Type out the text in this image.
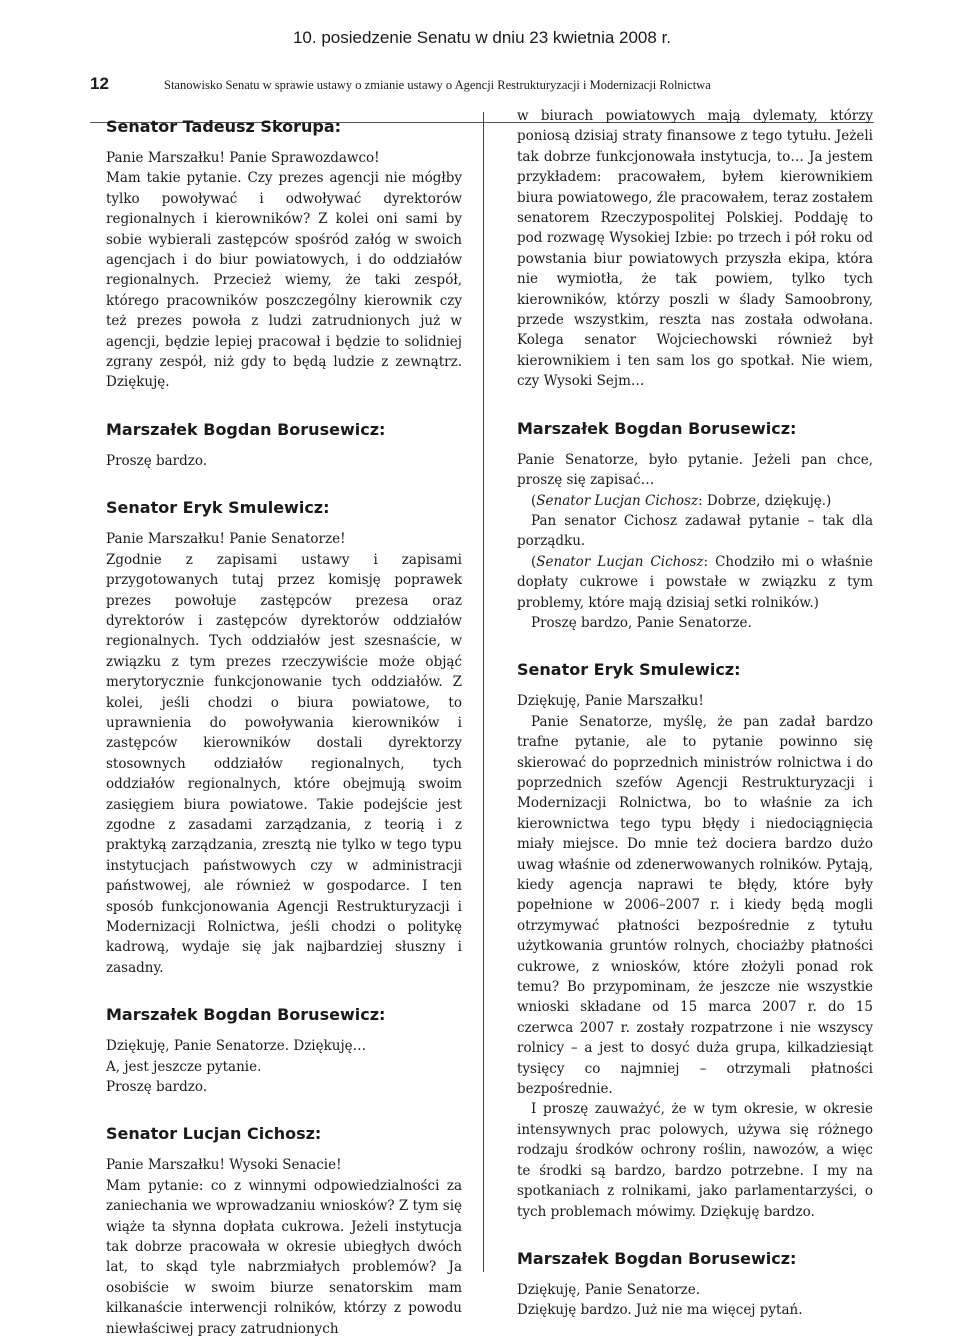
10. posiedzenie Senatu w dniu 23 kwietnia 2008 r.
12	Stanowisko Senatu w sprawie ustawy o zmianie ustawy o Agencji Restrukturyzacji i Modernizacji Rolnictwa
Senator Tadeusz Skorupa:

Panie Marszałku! Panie Sprawozdawco!

Mam takie pytanie. Czy prezes agencji nie mógłby tylko powoływać i odwoływać dyrektorów regionalnych i kierowników? Z kolei oni sami by sobie wybierali zastępców spośród załóg w swoich agencjach i do biur powiatowych, i do oddziałów regionalnych. Przecież wiemy, że taki zespół, którego pracowników poszczególny kierownik czy też prezes powoła z ludzi zatrudnionych już w agencji, będzie lepiej pracował i będzie to solidniej zgrany zespół, niż gdy to będą ludzie z zewnątrz. Dziękuję.

Marszałek Bogdan Borusewicz:

Proszę bardzo.

Senator Eryk Smulewicz:

Panie Marszałku! Panie Senatorze!

Zgodnie z zapisami ustawy i zapisami przygotowanych tutaj przez komisję poprawek prezes powołuje zastępców prezesa oraz dyrektorów i zastępców dyrektorów oddziałów regionalnych. Tych oddziałów jest szesnaście, w związku z tym prezes rzeczywiście może objąć merytorycznie funkcjonowanie tych oddziałów. Z kolei, jeśli chodzi o biura powiatowe, to uprawnienia do powoływania kierowników i zastępców kierowników dostali dyrektorzy stosownych oddziałów regionalnych, tych oddziałów regionalnych, które obejmują swoim zasięgiem biura powiatowe. Takie podejście jest zgodne z zasadami zarządzania, z teorią i z praktyką zarządzania, zresztą nie tylko w tego typu instytucjach państwowych czy w administracji państwowej, ale również w gospodarce. I ten sposób funkcjonowania Agencji Restrukturyzacji i Modernizacji Rolnictwa, jeśli chodzi o politykę kadrową, wydaje się jak najbardziej słuszny i zasadny.

Marszałek Bogdan Borusewicz:

Dziękuję, Panie Senatorze. Dziękuję…

A, jest jeszcze pytanie.

Proszę bardzo.

Senator Lucjan Cichosz:

Panie Marszałku! Wysoki Senacie!

Mam pytanie: co z winnymi odpowiedzialności za zaniechania we wprowadzaniu wniosków? Z tym się wiąże ta słynna dopłata cukrowa. Jeżeli instytucja tak dobrze pracowała w okresie ubiegłych dwóch lat, to skąd tyle nabrzmiałych problemów? Ja osobiście w swoim biurze senatorskim mam kilkanaście interwencji rolników, którzy z powodu niewłaściwej pracy zatrudnionych

w biurach powiatowych mają dylematy, którzy poniosą dzisiaj straty finansowe z tego tytułu. Jeżeli tak dobrze funkcjonowała instytucja, to… Ja jestem przykładem: pracowałem, byłem kierownikiem biura powiatowego, źle pracowałem, teraz zostałem senatorem Rzeczypospolitej Polskiej. Poddaję to pod rozwagę Wysokiej Izbie: po trzech i pół roku od powstania biur powiatowych przyszła ekipa, która nie wymiotła, że tak powiem, tylko tych kierowników, którzy poszli w ślady Samoobrony, przede wszystkim, reszta nas została odwołana. Kolega senator Wojciechowski również był kierownikiem i ten sam los go spotkał. Nie wiem, czy Wysoki Sejm…

Marszałek Bogdan Borusewicz:

Panie Senatorze, było pytanie. Jeżeli pan chce, proszę się zapisać…

(Senator Lucjan Cichosz: Dobrze, dziękuję.)

Pan senator Cichosz zadawał pytanie – tak dla porządku.

(Senator Lucjan Cichosz: Chodziło mi o właśnie dopłaty cukrowe i powstałe w związku z tym problemy, które mają dzisiaj setki rolników.)

Proszę bardzo, Panie Senatorze.

Senator Eryk Smulewicz:

Dziękuję, Panie Marszałku!

Panie Senatorze, myślę, że pan zadał bardzo trafne pytanie, ale to pytanie powinno się skierować do poprzednich ministrów rolnictwa i do poprzednich szefów Agencji Restrukturyzacji i Modernizacji Rolnictwa, bo to właśnie za ich kierownictwa tego typu błędy i niedociągnięcia miały miejsce. Do mnie też dociera bardzo dużo uwag właśnie od zdenerwowanych rolników. Pytają, kiedy agencja naprawi te błędy, które były popełnione w 2006–2007 r. i kiedy będą mogli otrzymywać płatności bezpośrednie z tytułu użytkowania gruntów rolnych, chociażby płatności cukrowe, z wniosków, które złożyli ponad rok temu? Bo przypominam, że jeszcze nie wszystkie wnioski składane od 15 marca 2007 r. do 15 czerwca 2007 r. zostały rozpatrzone i nie wszyscy rolnicy – a jest to dosyć duża grupa, kilkadziesiąt tysięcy co najmniej – otrzymali płatności bezpośrednie.

I proszę zauważyć, że w tym okresie, w okresie intensywnych prac polowych, używa się różnego rodzaju środków ochrony roślin, nawozów, a więc te środki są bardzo, bardzo potrzebne. I my na spotkaniach z rolnikami, jako parlamentarzyści, o tych problemach mówimy. Dziękuję bardzo.

Marszałek Bogdan Borusewicz:

Dziękuję, Panie Senatorze.

Dziękuję bardzo. Już nie ma więcej pytań.
